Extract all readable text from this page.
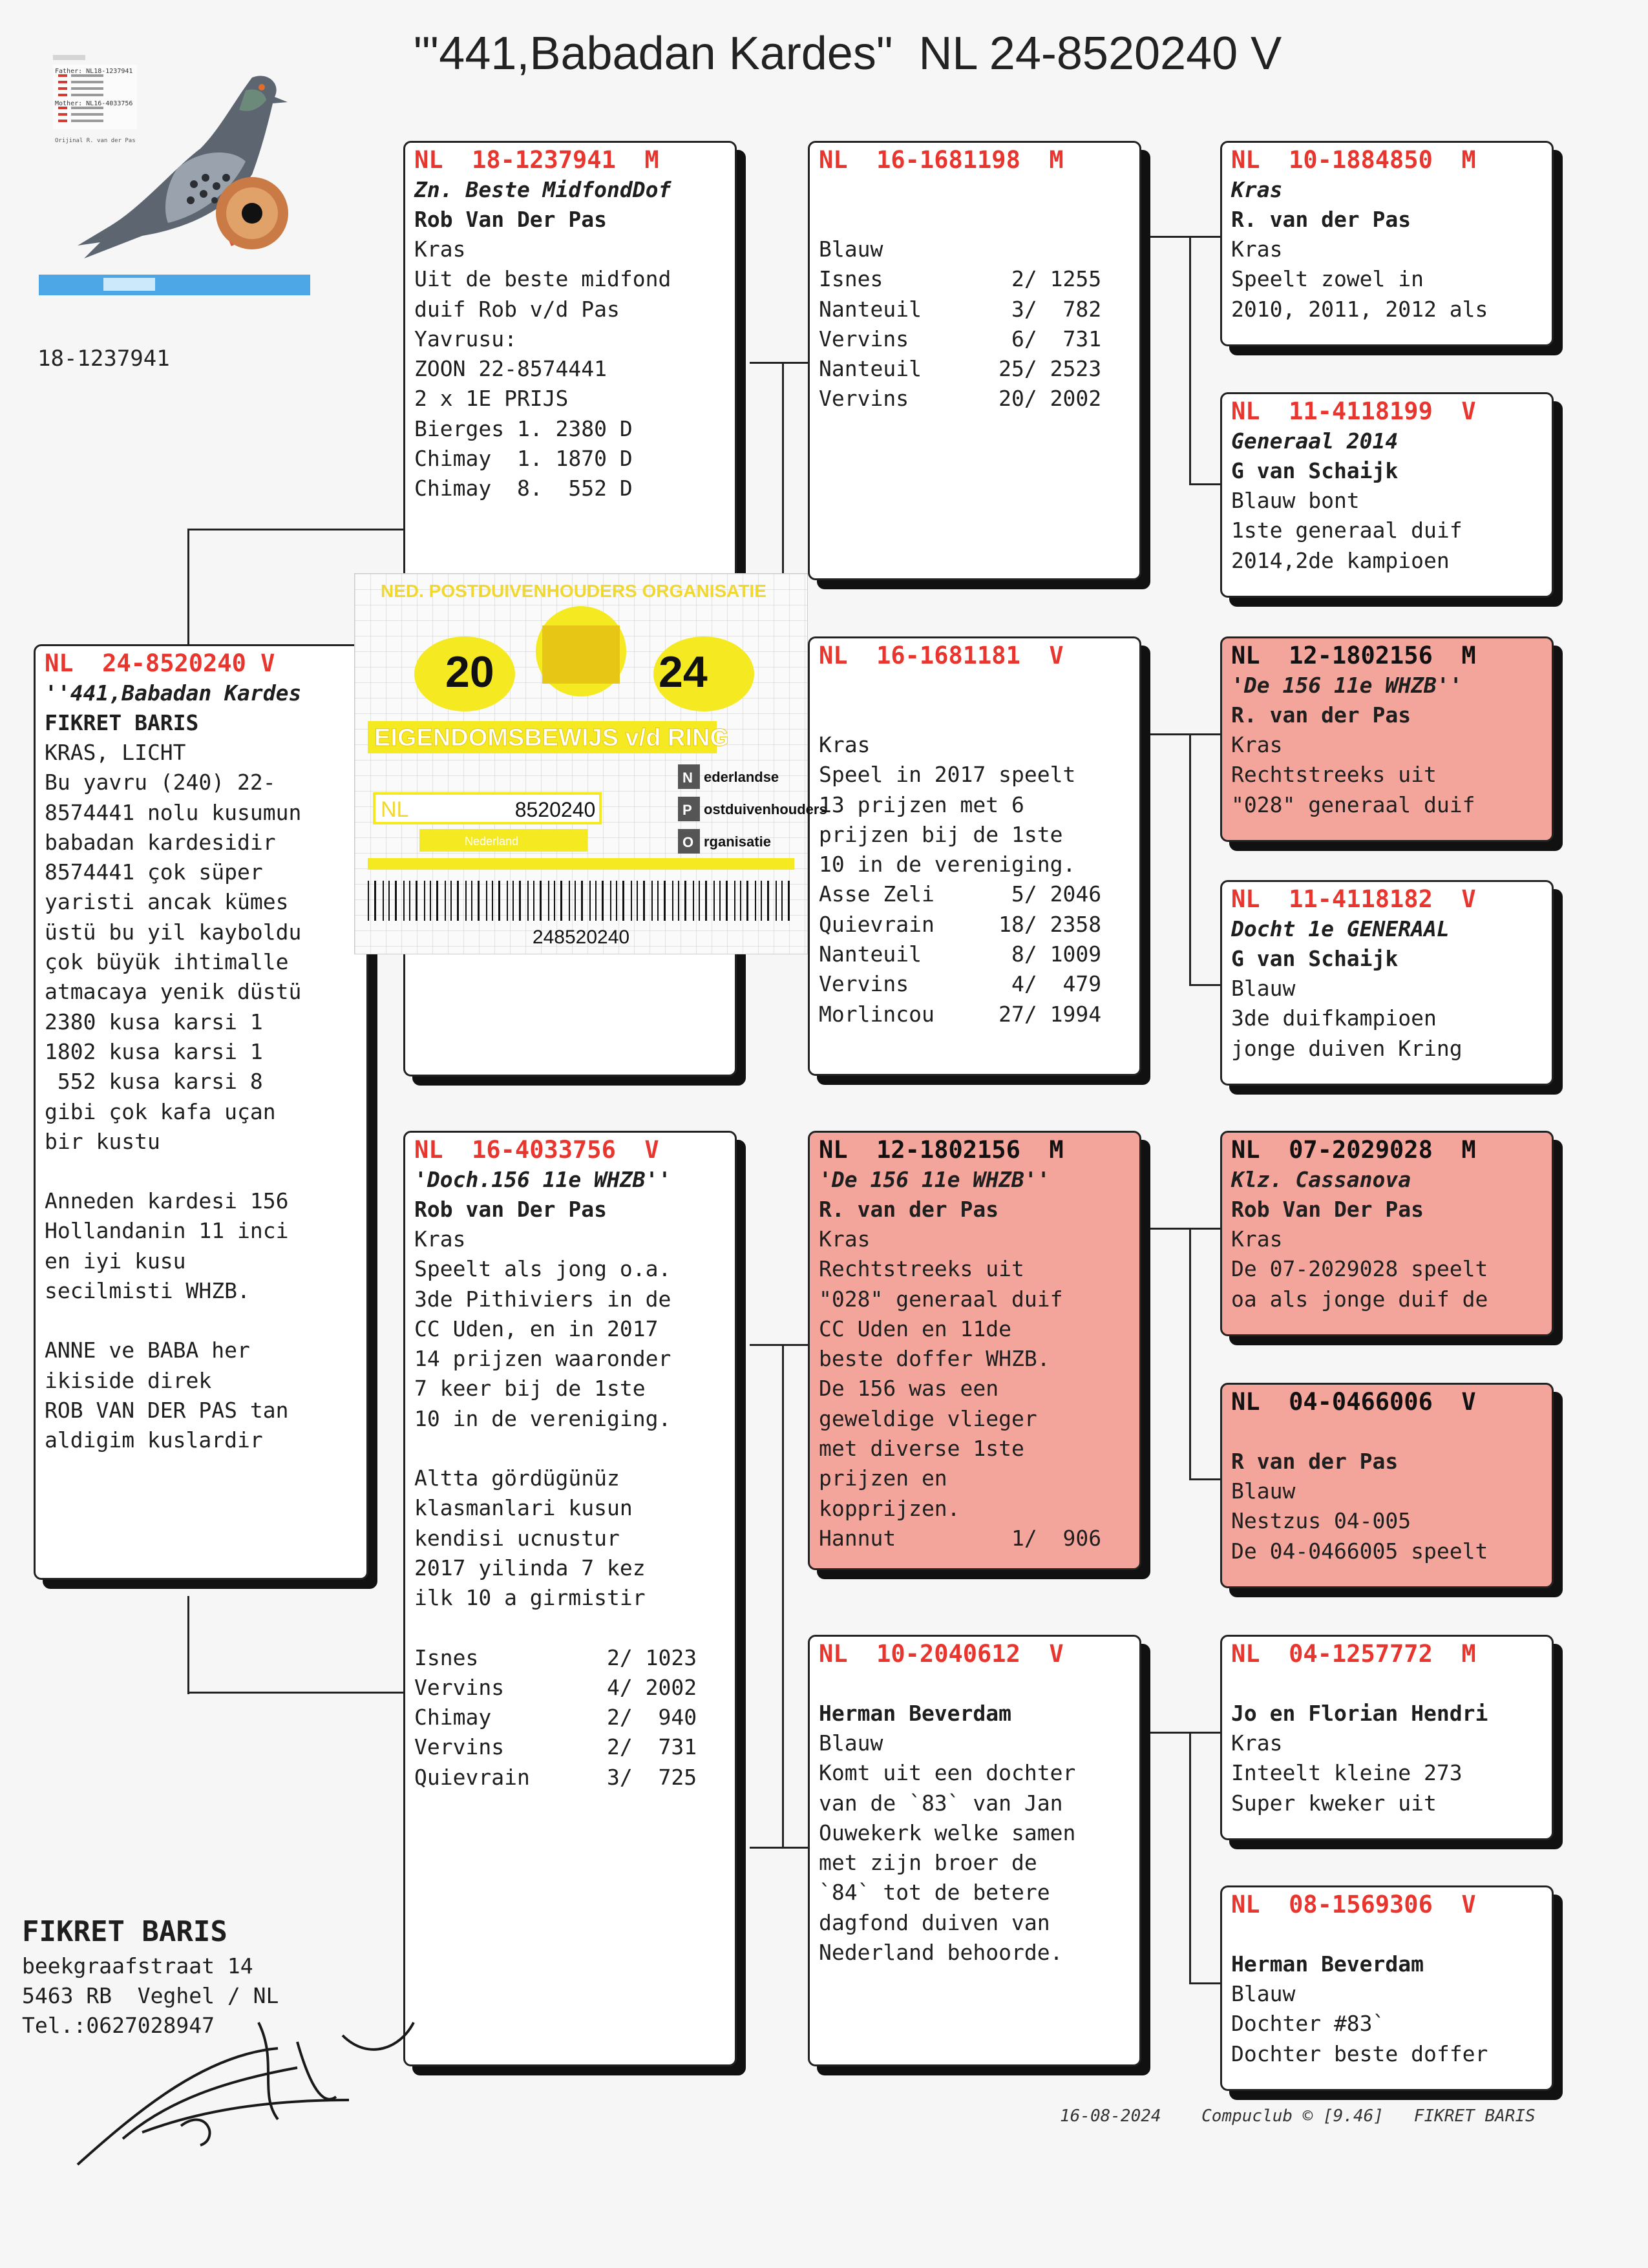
"'441,Babadan Kardes" NL 24-8520240 V
Father: NL18-1237941
Mother: NL16-4033756
Orijinal R. van der Pas
18-1237941
NL  24-8520240 V
''441,Babadan Kardes
FIKRET BARIS
KRAS, LICHT
Bu yavru (240) 22-
8574441 nolu kusumun
babadan kardesidir
8574441 çok süper
yaristi ancak kümes
üstü bu yil kayboldu
çok büyük ihtimalle
atmacaya yenik düstü
2380 kusa karsi 1
1802 kusa karsi 1
552 kusa karsi 8
gibi çok kafa uçan
bir kustu
Anneden kardesi 156
Hollandanin 11 inci
en iyi kusu
secilmisti WHZB.
ANNE ve BABA her
ikiside direk
ROB VAN DER PAS tan
aldigim kuslardir
NL  18-1237941  M
Zn. Beste MidfondDof
Rob Van Der Pas
Kras
Uit de beste midfond
duif Rob v/d Pas
Yavrusu:
ZOON 22-8574441
2 x 1E PRIJS
Bierges 1. 2380 D
Chimay  1. 1870 D
Chimay  8.  552 D
NL  16-4033756  V
'Doch.156 11e WHZB''
Rob van Der Pas
Kras
Speelt als jong o.a.
3de Pithiviers in de
CC Uden, en in 2017
14 prijzen waaronder
7 keer bij de 1ste
10 in de vereniging.
Altta gördügünüz
klasmanlari kusun
kendisi ucnustur
2017 yilinda 7 kez
ilk 10 a girmistir
Isnes          2/ 1023
Vervins        4/ 2002
Chimay         2/  940
Vervins        2/  731
Quievrain      3/  725
NL  16-1681198  M
Blauw
Isnes          2/ 1255
Nanteuil       3/  782
Vervins        6/  731
Nanteuil      25/ 2523
Vervins       20/ 2002
NL  16-1681181  V
Kras
Speel in 2017 speelt
13 prijzen met 6
prijzen bij de 1ste
10 in de vereniging.
Asse Zeli      5/ 2046
Quievrain     18/ 2358
Nanteuil       8/ 1009
Vervins        4/  479
Morlincou     27/ 1994
NL  12-1802156  M
'De 156 11e WHZB''
R. van der Pas
Kras
Rechtstreeks uit
"028" generaal duif
CC Uden en 11de
beste doffer WHZB.
De 156 was een
geweldige vlieger
met diverse 1ste
prijzen en
kopprijzen.
Hannut         1/  906
NL  10-2040612  V
Herman Beverdam
Blauw
Komt uit een dochter
van de `83` van Jan
Ouwekerk welke samen
met zijn broer de
`84` tot de betere
dagfond duiven van
Nederland behoorde.
NL  10-1884850  M
Kras
R. van der Pas
Kras
Speelt zowel in
2010, 2011, 2012 als
NL  11-4118199  V
Generaal 2014
G van Schaijk
Blauw bont
1ste generaal duif
2014,2de kampioen
NL  12-1802156  M
'De 156 11e WHZB''
R. van der Pas
Kras
Rechtstreeks uit
"028" generaal duif
NL  11-4118182  V
Docht 1e GENERAAL
G van Schaijk
Blauw
3de duifkampioen
jonge duiven Kring
NL  07-2029028  M
Klz. Cassanova
Rob Van Der Pas
Kras
De 07-2029028 speelt
oa als jonge duif de
NL  04-0466006  V
R van der Pas
Blauw
Nestzus 04-005
De 04-0466005 speelt
NL  04-1257772  M
Jo en Florian Hendri
Kras
Inteelt kleine 273
Super kweker uit
NL  08-1569306  V
Herman Beverdam
Blauw
Dochter #83`
Dochter beste doffer
NED. POSTDUIVENHOUDERS ORGANISATIE
20	24
EIGENDOMSBEWIJS v/d RING
NL	8520240
Nederland
N ederlandse
P ostduivenhouders
O rganisatie
248520240
FIKRET BARIS
beekgraafstraat 14
5463 RB  Veghel / NL
Tel.:0627028947
16-08-2024    Compuclub © [9.46]   FIKRET BARIS
